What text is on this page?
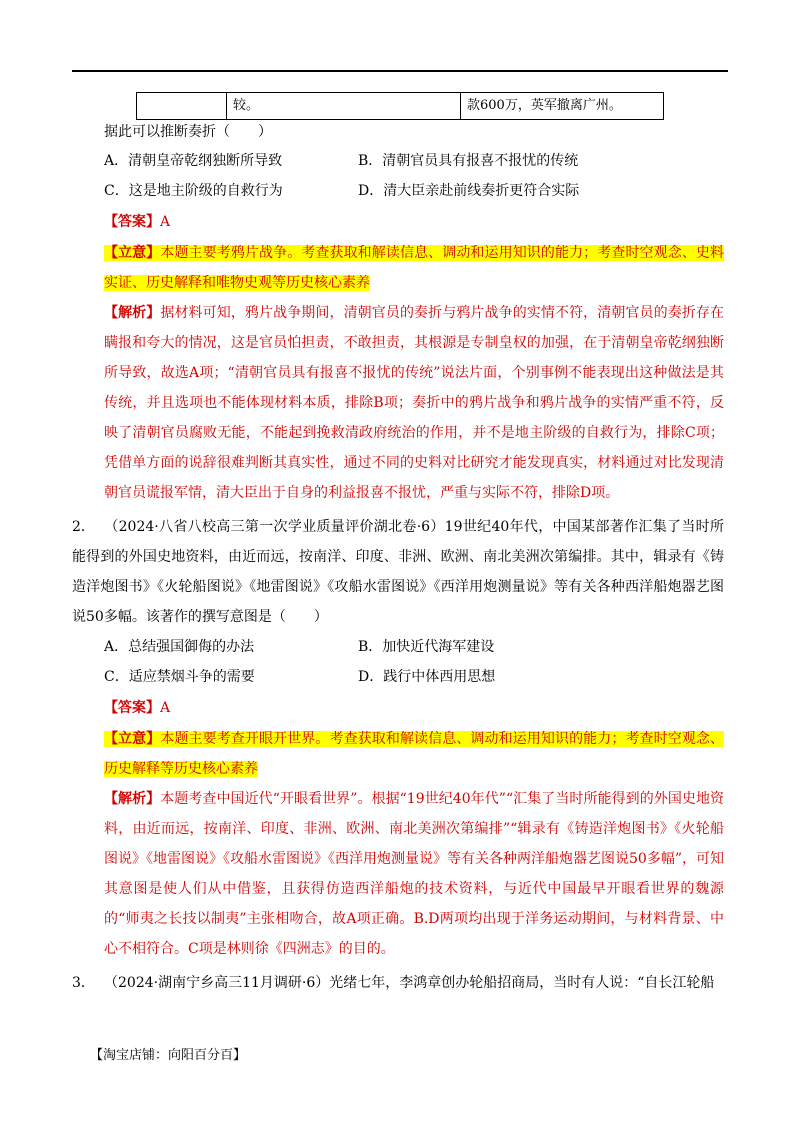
较。	款600万，英军撤离广州。
据此可以推断奏折（　　）
A．清朝皇帝乾纲独断所导致	B．清朝官员具有报喜不报忧的传统
C．这是地主阶级的自救行为	D．清大臣亲赴前线奏折更符合实际
【答案】A
【立意】本题主要考鸦片战争。考查获取和解读信息、调动和运用知识的能力；考查时空观念、史料实证、历史解释和唯物史观等历史核心素养
【解析】据材料可知，鸦片战争期间，清朝官员的奏折与鸦片战争的实情不符，清朝官员的奏折存在瞒报和夸大的情况，这是官员怕担责，不敢担责，其根源是专制皇权的加强，在于清朝皇帝乾纲独断所导致，故选A项；“清朝官员具有报喜不报忧的传统”说法片面，个别事例不能表现出这种做法是其传统，并且选项也不能体现材料本质，排除B项；奏折中的鸦片战争和鸦片战争的实情严重不符，反映了清朝官员腐败无能，不能起到挽救清政府统治的作用，并不是地主阶级的自救行为，排除C项；凭借单方面的说辞很难判断其真实性，通过不同的史料对比研究才能发现真实，材料通过对比发现清朝官员谎报军情，清大臣出于自身的利益报喜不报忧，严重与实际不符，排除D项。
2． （2024·八省八校高三第一次学业质量评价湖北卷·6）19世纪40年代，中国某部著作汇集了当时所能得到的外国史地资料，由近而远，按南洋、印度、非洲、欧洲、南北美洲次第编排。其中，辑录有《铸造洋炮图书》《火轮船图说》《地雷图说》《攻船水雷图说》《西洋用炮测量说》等有关各种西洋船炮器艺图说50多幅。该著作的撰写意图是（　　）
A．总结强国御侮的办法	B．加快近代海军建设
C．适应禁烟斗争的需要	D．践行中体西用思想
【答案】A
【立意】本题主要考查开眼开世界。考查获取和解读信息、调动和运用知识的能力；考查时空观念、历史解释等历史核心素养
【解析】本题考查中国近代“开眼看世界”。根据“19世纪40年代”“汇集了当时所能得到的外国史地资料，由近而远，按南洋、印度、非洲、欧洲、南北美洲次第编排”“辑录有《铸造洋炮图书》《火轮船图说》《地雷图说》《攻船水雷图说》《西洋用炮测量说》等有关各种两洋船炮器艺图说50多幅”，可知其意图是使人们从中借鉴，且获得仿造西洋船炮的技术资料，与近代中国最早开眼看世界的魏源的“师夷之长技以制夷”主张相吻合，故A项正确。B.D两项均出现于洋务运动期间，与材料背景、中心不相符合。C项是林则徐《四洲志》的目的。
3． （2024·湖南宁乡高三11月调研·6）光绪七年，李鸿章创办轮船招商局，当时有人说：“自长江轮船
【淘宝店铺：向阳百分百】
